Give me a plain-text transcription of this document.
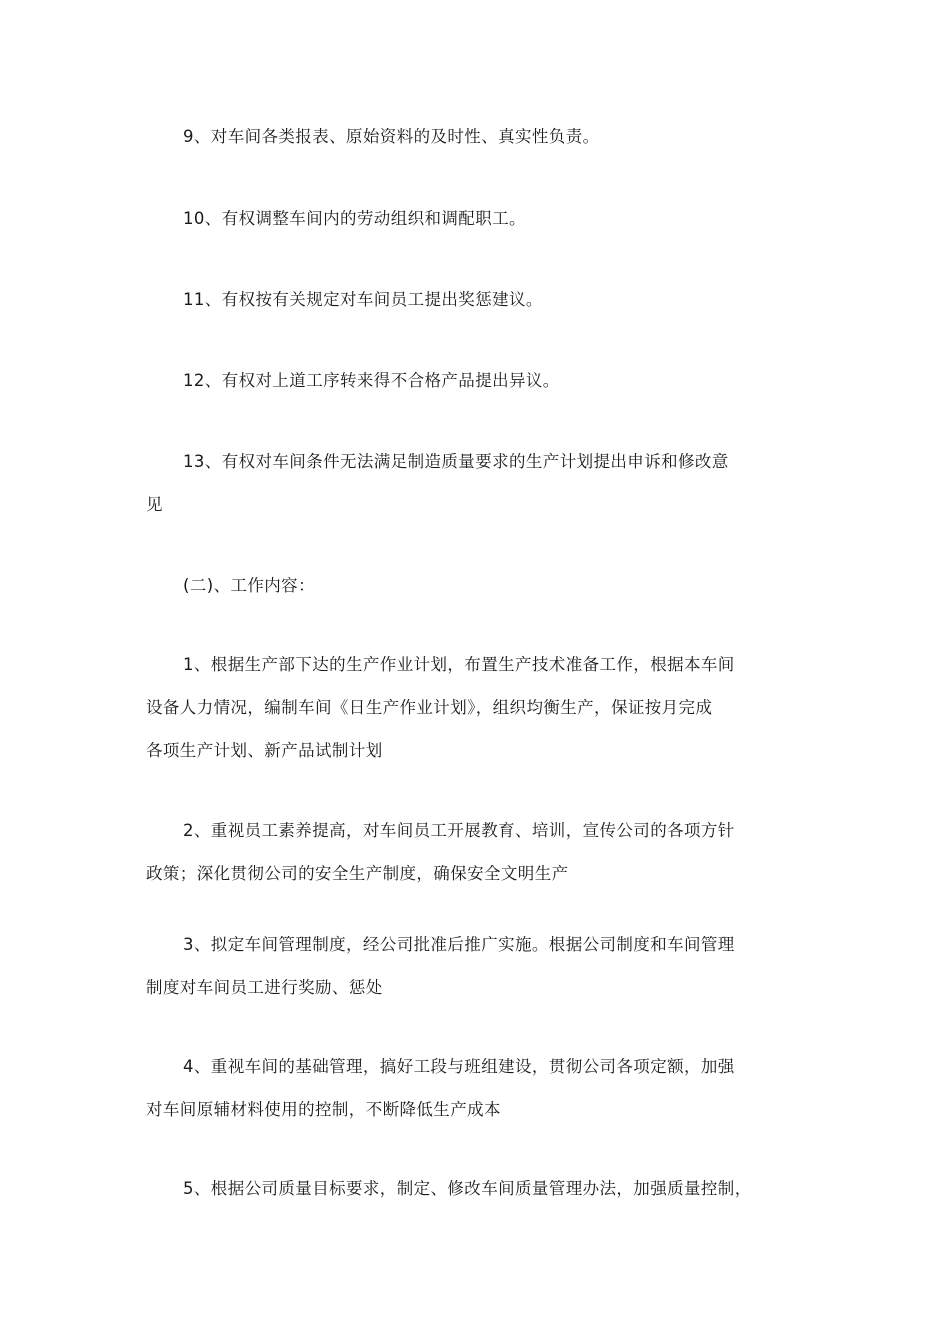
9、对车间各类报表、原始资料的及时性、真实性负责。

10、有权调整车间内的劳动组织和调配职工。

11、有权按有关规定对车间员工提出奖惩建议。

12、有权对上道工序转来得不合格产品提出异议。

13、有权对车间条件无法满足制造质量要求的生产计划提出申诉和修改意
见

(二)、工作内容：

1、根据生产部下达的生产作业计划，布置生产技术准备工作，根据本车间
设备人力情况，编制车间《日生产作业计划》，组织均衡生产，保证按月完成
各项生产计划、新产品试制计划

2、重视员工素养提高，对车间员工开展教育、培训，宣传公司的各项方针
政策；深化贯彻公司的安全生产制度，确保安全文明生产

3、拟定车间管理制度，经公司批准后推广实施。根据公司制度和车间管理
制度对车间员工进行奖励、惩处

4、重视车间的基础管理，搞好工段与班组建设，贯彻公司各项定额，加强
对车间原辅材料使用的控制，不断降低生产成本

5、根据公司质量目标要求，制定、修改车间质量管理办法，加强质量控制，
